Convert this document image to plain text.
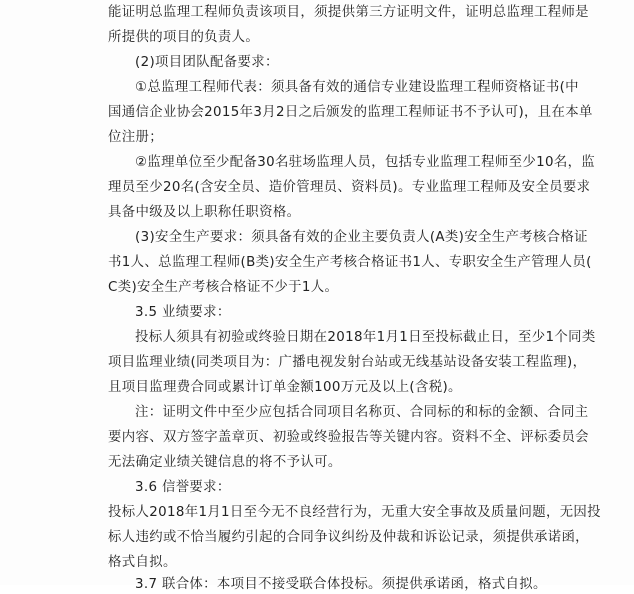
能证明总监理工程师负责该项目，须提供第三方证明文件，证明总监理工程师是
所提供的项目的负责人。
(2)项目团队配备要求：
①总监理工程师代表：须具备有效的通信专业建设监理工程师资格证书(中
国通信企业协会2015年3月2日之后颁发的监理工程师证书不予认可)，且在本单
位注册；
②监理单位至少配备30名驻场监理人员，包括专业监理工程师至少10名，监
理员至少20名(含安全员、造价管理员、资料员)。专业监理工程师及安全员要求
具备中级及以上职称任职资格。
(3)安全生产要求：须具备有效的企业主要负责人(A类)安全生产考核合格证
书1人、总监理工程师(B类)安全生产考核合格证书1人、专职安全生产管理人员(
C类)安全生产考核合格证不少于1人。
3.5 业绩要求：
投标人须具有初验或终验日期在2018年1月1日至投标截止日，至少1个同类
项目监理业绩(同类项目为：广播电视发射台站或无线基站设备安装工程监理)，
且项目监理费合同或累计订单金额100万元及以上(含税)。
注：证明文件中至少应包括合同项目名称页、合同标的和标的金额、合同主
要内容、双方签字盖章页、初验或终验报告等关键内容。资料不全、评标委员会
无法确定业绩关键信息的将不予认可。
3.6 信誉要求：
投标人2018年1月1日至今无不良经营行为，无重大安全事故及质量问题，无因投
标人违约或不恰当履约引起的合同争议纠纷及仲裁和诉讼记录，须提供承诺函，
格式自拟。
3.7 联合体：本项目不接受联合体投标。须提供承诺函，格式自拟。
